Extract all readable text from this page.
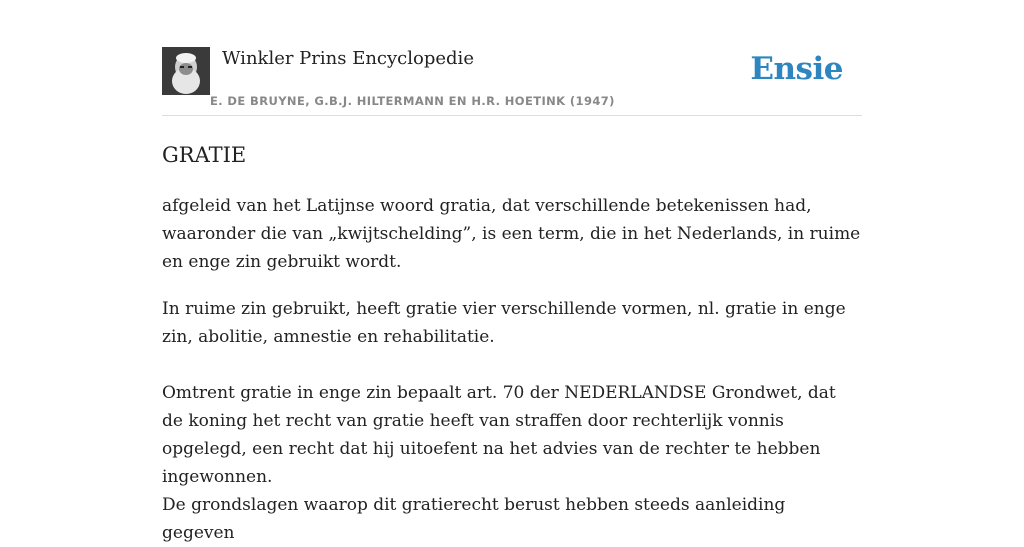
Winkler Prins Encyclopedie
E. DE BRUYNE, G.B.J. HILTERMANN EN H.R. HOETINK (1947)
Ensie
GRATIE

afgeleid van het Latijnse woord gratia, dat verschillende betekenissen had, waaronder die van „kwijtschelding”, is een term, die in het Nederlands, in ruime en enge zin gebruikt wordt.

In ruime zin gebruikt, heeft gratie vier verschillende vormen, nl. gratie in enge zin, abolitie, amnestie en rehabilitatie.

Omtrent gratie in enge zin bepaalt art. 70 der NEDERLANDSE Grondwet, dat de koning het recht van gratie heeft van straffen door rechterlijk vonnis opgelegd, een recht dat hij uitoefent na het advies van de rechter te hebben ingewonnen.

De grondslagen waarop dit gratierecht berust hebben steeds aanleiding gegeven
